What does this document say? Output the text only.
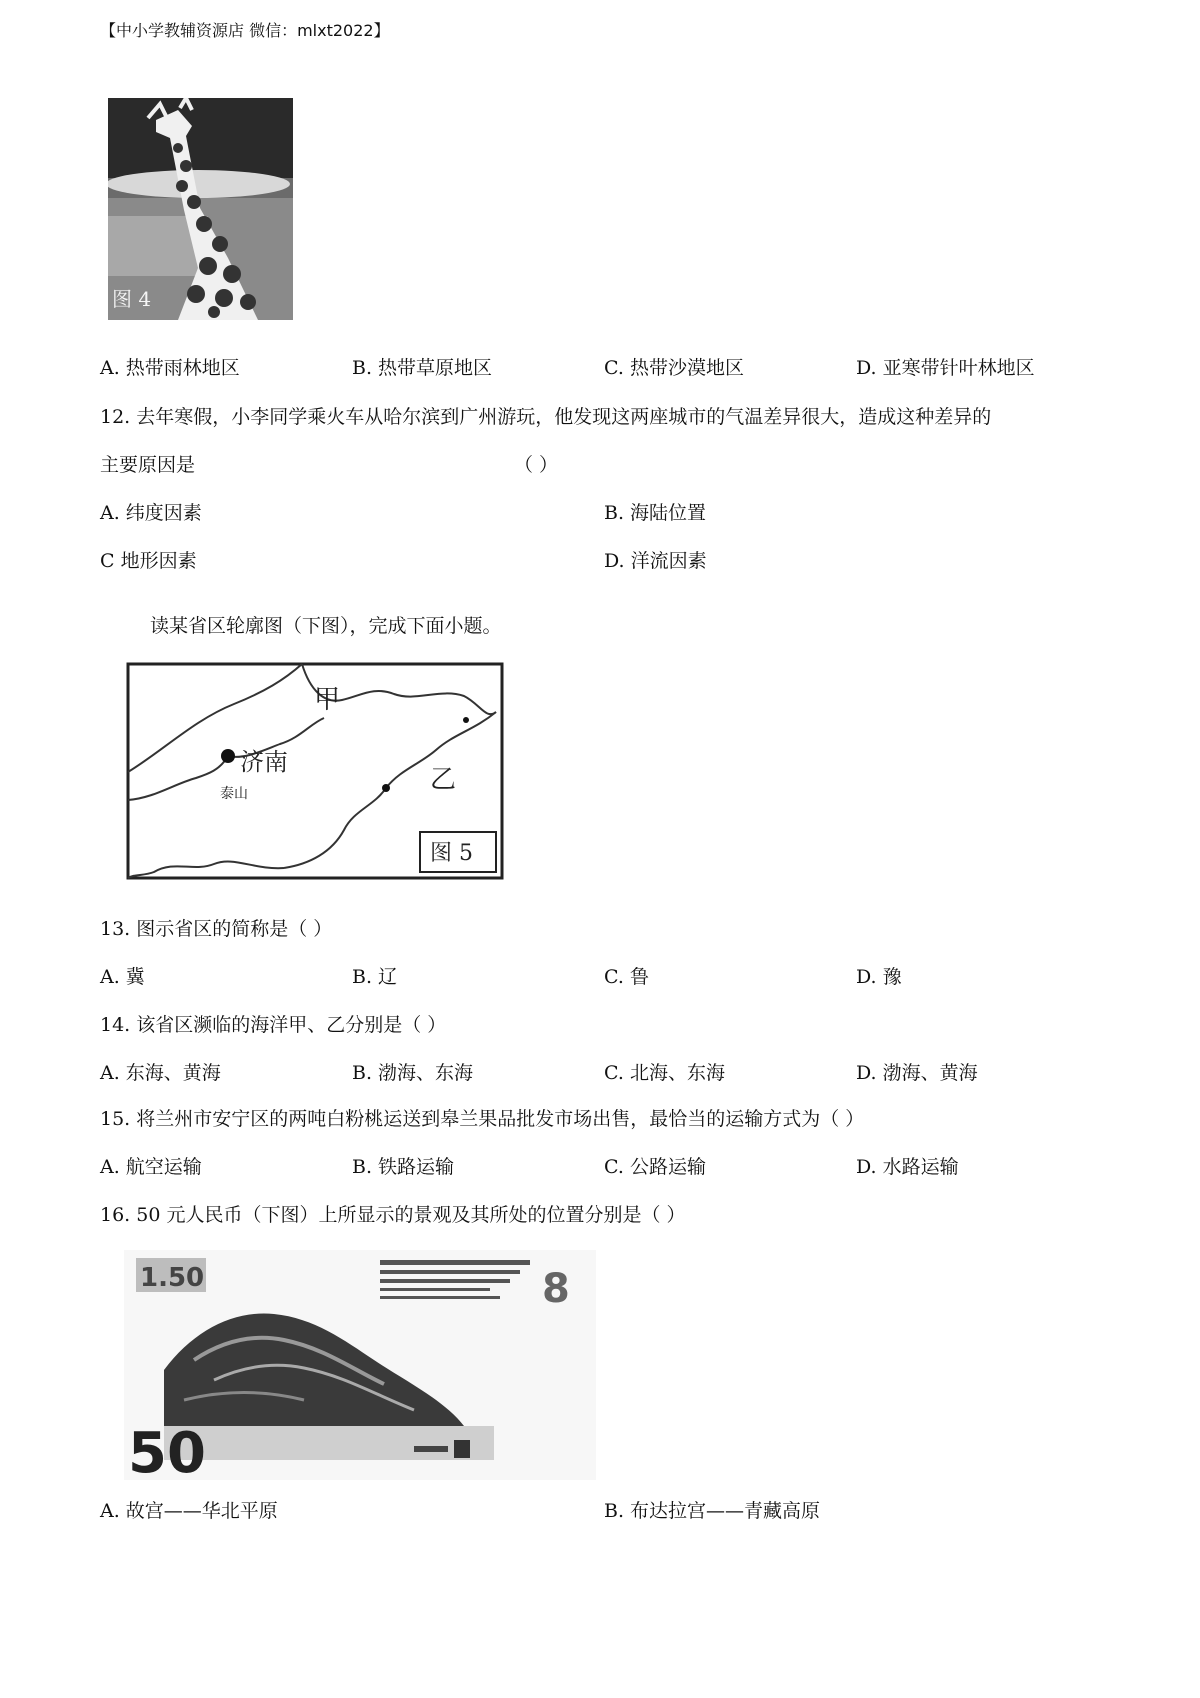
【中小学教辅资源店 微信：mlxt2022】
图 4
A. 热带雨林地区	B. 热带草原地区	C. 热带沙漠地区	D. 亚寒带针叶林地区
12. 去年寒假，小李同学乘火车从哈尔滨到广州游玩，他发现这两座城市的气温差异很大，造成这种差异的
主要原因是	（ ）
A. 纬度因素	B. 海陆位置
C 地形因素	D. 洋流因素
读某省区轮廓图（下图），完成下面小题。
甲
济南
泰山	乙
图 5
13. 图示省区的简称是（ ）
A. 冀	B. 辽	C. 鲁	D. 豫
14. 该省区濒临的海洋甲、乙分别是（ ）
A. 东海、黄海	B. 渤海、东海	C. 北海、东海	D. 渤海、黄海
15. 将兰州市安宁区的两吨白粉桃运送到皋兰果品批发市场出售，最恰当的运输方式为（ ）
A. 航空运输	B. 铁路运输	C. 公路运输	D. 水路运输
16. 50 元人民币（下图）上所显示的景观及其所处的位置分别是（ ）
1.50	8
50
A. 故宫——华北平原	B. 布达拉宫——青藏高原
